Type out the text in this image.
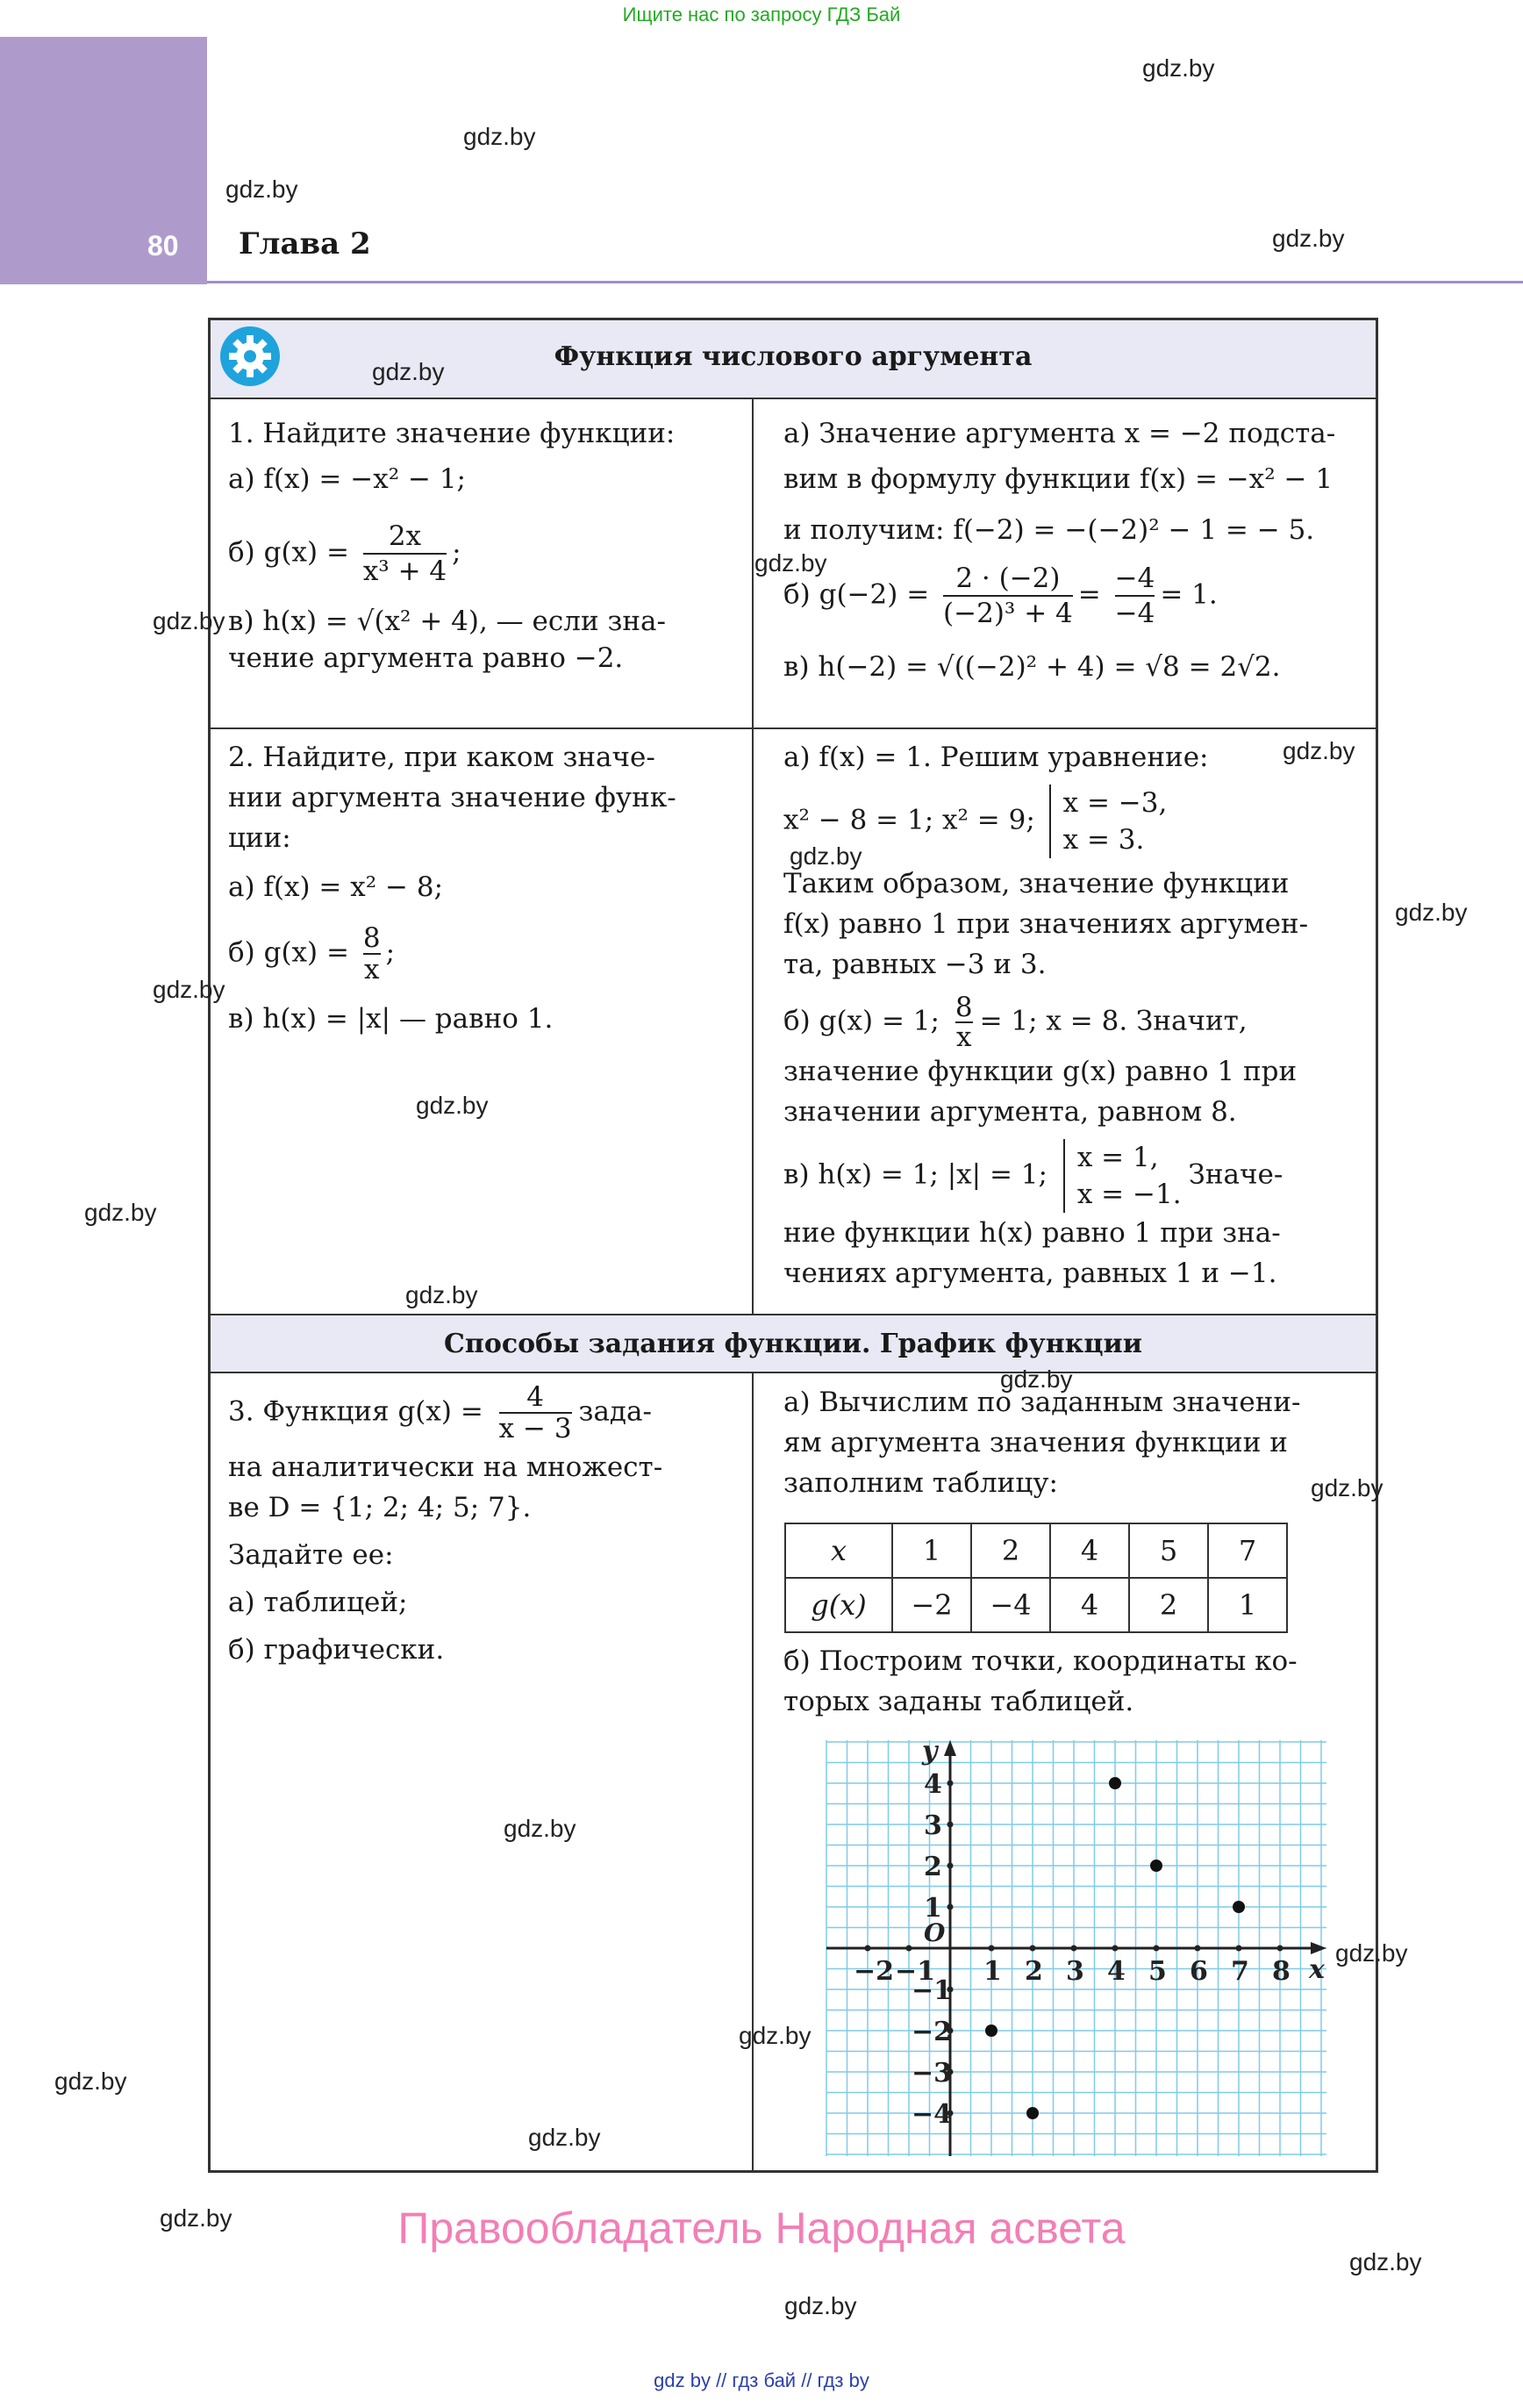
Ищите нас по запросу ГДЗ Бай
80 Глава 2
Функция числового аргумента
Способы задания функции. График функции

1. Найдите значение функции:

а) f(x) = −x² − 1;

б) $g(x) = \frac{2x}{\text{x³ + 4}}$ ;

в) h(x) = √(x² + 4), — если зна-

чение аргумента равно −2.

а) Значение аргумента x = −2 подста-

вим в формулу функции f(x) = −x² − 1

и получим: f(−2) = −(−2)² − 1 = − 5.

б) $g(-2) = \frac{2 \cdot (-2)}{\text{(−2)³ + 4}} = \frac{-4}{-4} = 1$.

в) h(−2) = √((−2)² + 4) = √8 = 2√2.

2. Найдите, при каком значе-

нии аргумента значение функ-

ции:

а) f(x) = x² − 8;

б) $g(x) = \frac{8}{x}$ ;

в) h(x) = |x| — равно 1.

а) f(x) = 1. Решим уравнение:

x² − 8 = 1; x² = 9;
x = −3,
x = 3.

Таким образом, значение функции

f(x) равно 1 при значениях аргумен-

та, равных −3 и 3.

б) g(x) = 1; $\frac{8}{x} = 1$; x = 8. Значит,

значение функции g(x) равно 1 при

значении аргумента, равном 8.

в) h(x) = 1; |x| = 1;
x = 1,
x = −1.
Значе-

ние функции h(x) равно 1 при зна-

чениях аргумента, равных 1 и −1.

3. Функция $g(x) = \frac{4}{x - 3}$ зада-

на аналитически на множест-

ве D = {1; 2; 4; 5; 7}.

Задайте ее:

а) таблицей;

б) графически.

а) Вычислим по заданным значени-

ям аргумента значения функции и

заполним таблицу:

x	1	2	4	5	7
g(x)	−2	−4	4	2	1

б) Построим точки, координаты ко-

торых заданы таблицей.

−2 −1 1 2 3 4 5 6 7 8
4
3
2
1
−1
−2
−3
−4
O
x
y
Правообладатель Народная асвета
gdz by // гдз бай // гдз by
gdz.by
gdz.by
gdz.by
gdz.by
gdz.by
gdz.by
gdz.by
gdz.by
gdz.by
gdz.by
gdz.by
gdz.by
gdz.by
gdz.by
gdz.by
gdz.by
gdz.by
gdz.by
gdz.by
gdz.by
gdz.by
gdz.by
gdz.by
gdz.by
